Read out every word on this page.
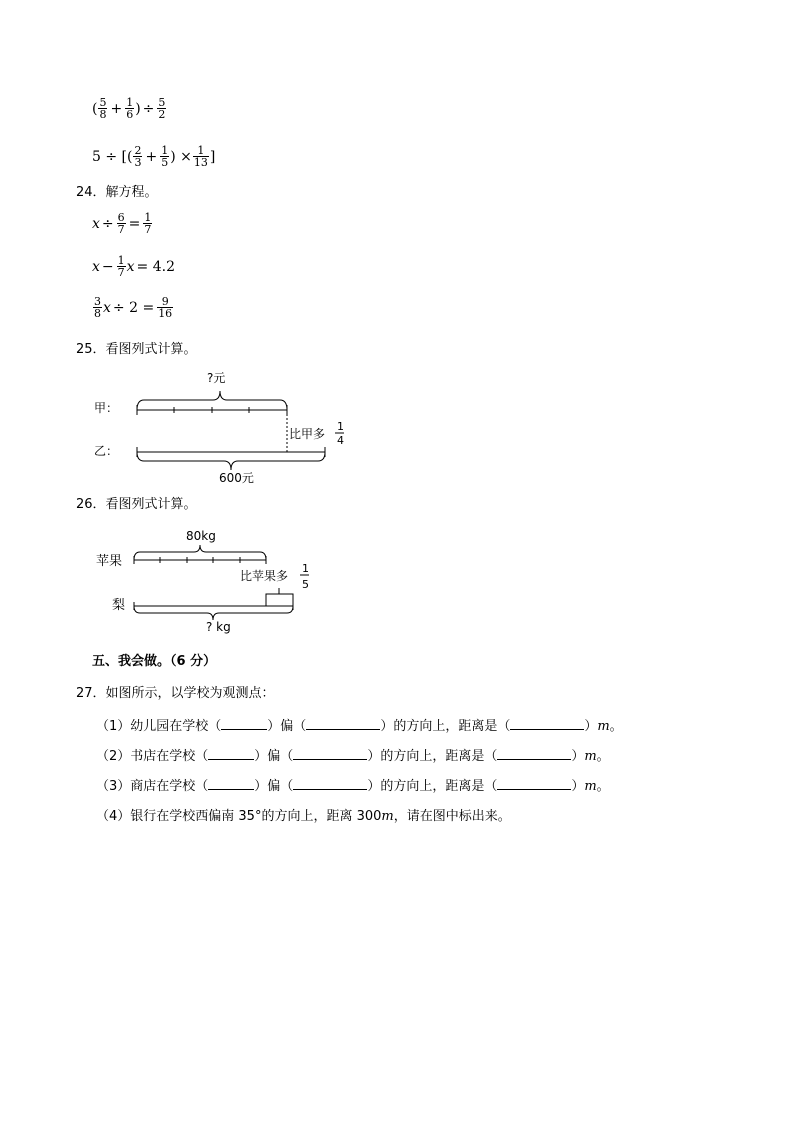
( $\frac{5}{8} + \frac{1}{6}$ ) ÷ $\frac{5}{2}$
5 ÷ [( $\frac{2}{3} + \frac{1}{5}$ ) × $\frac{1}{13}$ ]
24．解方程。
$x \div \frac{6}{7} = \frac{1}{7}$
$x - \frac{1}{7}$ x = 4.2
$\frac{3}{8}$ $x \div 2 = \frac{9}{16}$
25．看图列式计算。
?元
甲：
乙：
比甲多
1
4
600元
26．看图列式计算。
80kg
苹果
梨
比苹果多
1
5
? kg
五、我会做。（6 分）
27．如图所示，以学校为观测点：
（1）幼儿园在学校（	）偏（	）的方向上，距离是（	）m。
（2）书店在学校（	）偏（	）的方向上，距离是（	）m。
（3）商店在学校（	）偏（	）的方向上，距离是（	）m。
（4）银行在学校西偏南 35°的方向上，距离 300m，请在图中标出来。
